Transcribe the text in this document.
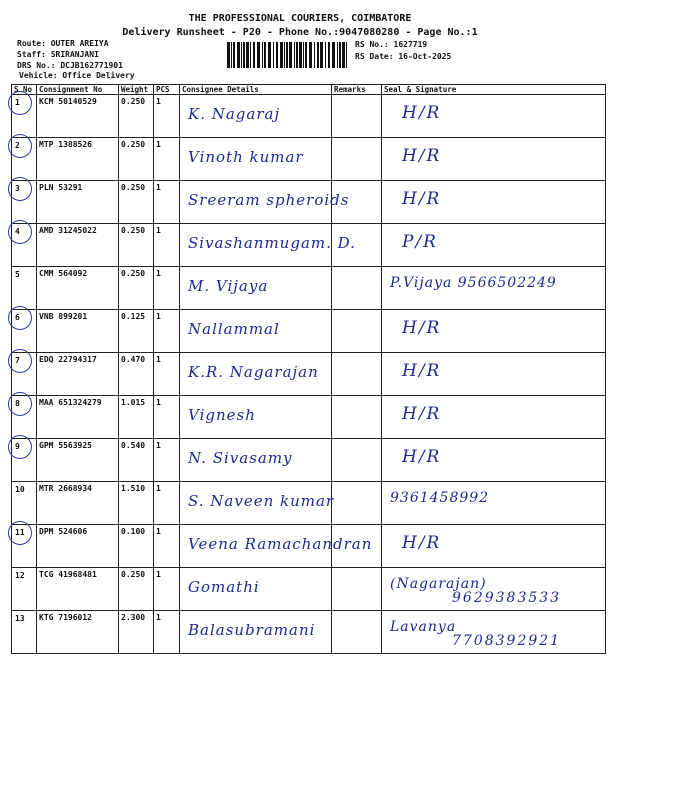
THE PROFESSIONAL COURIERS, COIMBATORE
Delivery Runsheet - P20 - Phone No.:9047080280 - Page No.:1
Route: OUTER AREIYA
Staff: SRIRANJANI
DRS No.: DCJB162771901
Vehicle: Office Delivery
RS No.: 1627719
RS Date: 16-Oct-2025
S No	Consignment No	Weight	PCS	Consignee Details	Remarks	Seal & Signature

1	KCM 50140529	0.250	1	K. Nagaraj		H/R

2	MTP 1388526	0.250	1	Vinoth kumar		H/R

3	PLN 53291	0.250	1	Sreeram spheroids		H/R

4	AMD 31245022	0.250	1	Sivashanmugam. D.		P/R

5	CMM 564092	0.250	1	M. Vijaya		P.Vijaya 9566502249

6	VNB 899201	0.125	1	Nallammal		H/R

7	EDQ 22794317	0.470	1	K.R. Nagarajan		H/R

8	MAA 651324279	1.015	1	Vignesh		H/R

9	GPM 5563925	0.540	1	N. Sivasamy		H/R

10	MTR 2668934	1.510	1	S. Naveen kumar		9361458992

11	DPM 524606	0.100	1	Veena Ramachandran		H/R

12	TCG 41968481	0.250	1	Gomathi		(Nagarajan)
9629383533

13	KTG 7196012	2.300	1	Balasubramani		Lavanya
7708392921
